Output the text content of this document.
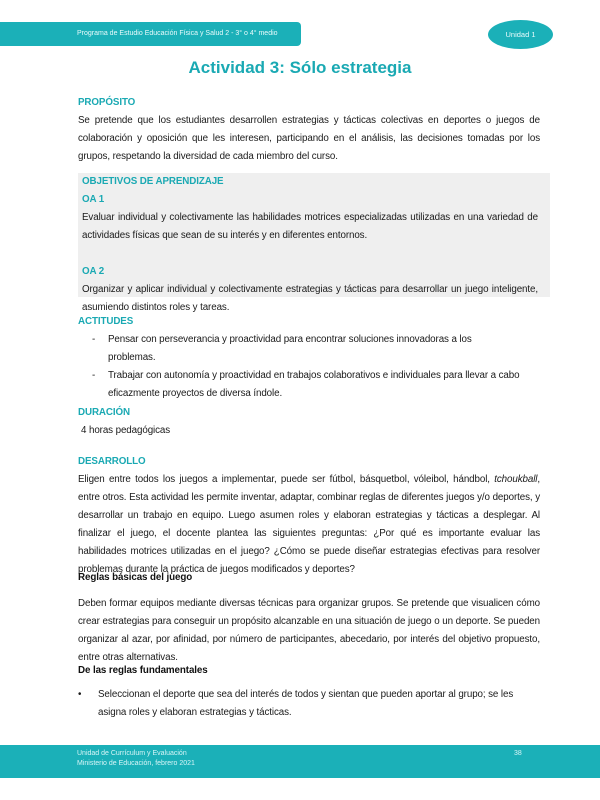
Programa de Estudio Educación Física y Salud 2 - 3° o 4° medio	Unidad 1
Actividad 3: Sólo estrategia
PROPÓSITO
Se pretende que los estudiantes desarrollen estrategias y tácticas colectivas en deportes o juegos de colaboración y oposición que les interesen, participando en el análisis, las decisiones tomadas por los grupos, respetando la diversidad de cada miembro del curso.
OBJETIVOS DE APRENDIZAJE
OA 1
Evaluar individual y colectivamente las habilidades motrices especializadas utilizadas en una variedad de actividades físicas que sean de su interés y en diferentes entornos.
OA 2
Organizar y aplicar individual y colectivamente estrategias y tácticas para desarrollar un juego inteligente, asumiendo distintos roles y tareas.
ACTITUDES
-	Pensar con perseverancia y proactividad para encontrar soluciones innovadoras a los problemas.
-	Trabajar con autonomía y proactividad en trabajos colaborativos e individuales para llevar a cabo eficazmente proyectos de diversa índole.
DURACIÓN
4 horas pedagógicas
DESARROLLO
Eligen entre todos los juegos a implementar, puede ser fútbol, básquetbol, vóleibol, hándbol, tchoukball, entre otros. Esta actividad les permite inventar, adaptar, combinar reglas de diferentes juegos y/o deportes, y desarrollar un trabajo en equipo. Luego asumen roles y elaboran estrategias y tácticas a desplegar. Al finalizar el juego, el docente plantea las siguientes preguntas: ¿Por qué es importante evaluar las habilidades motrices utilizadas en el juego? ¿Cómo se puede diseñar estrategias efectivas para resolver problemas durante la práctica de juegos modificados y deportes?
Reglas básicas del juego
Deben formar equipos mediante diversas técnicas para organizar grupos. Se pretende que visualicen cómo crear estrategias para conseguir un propósito alcanzable en una situación de juego o un deporte. Se pueden organizar al azar, por afinidad, por número de participantes, abecedario, por interés del objetivo propuesto, entre otras alternativas.
De las reglas fundamentales
•	Seleccionan el deporte que sea del interés de todos y sientan que pueden aportar al grupo; se les asigna roles y elaboran estrategias y tácticas.
Unidad de Currículum y Evaluación
Ministerio de Educación, febrero 2021
38
